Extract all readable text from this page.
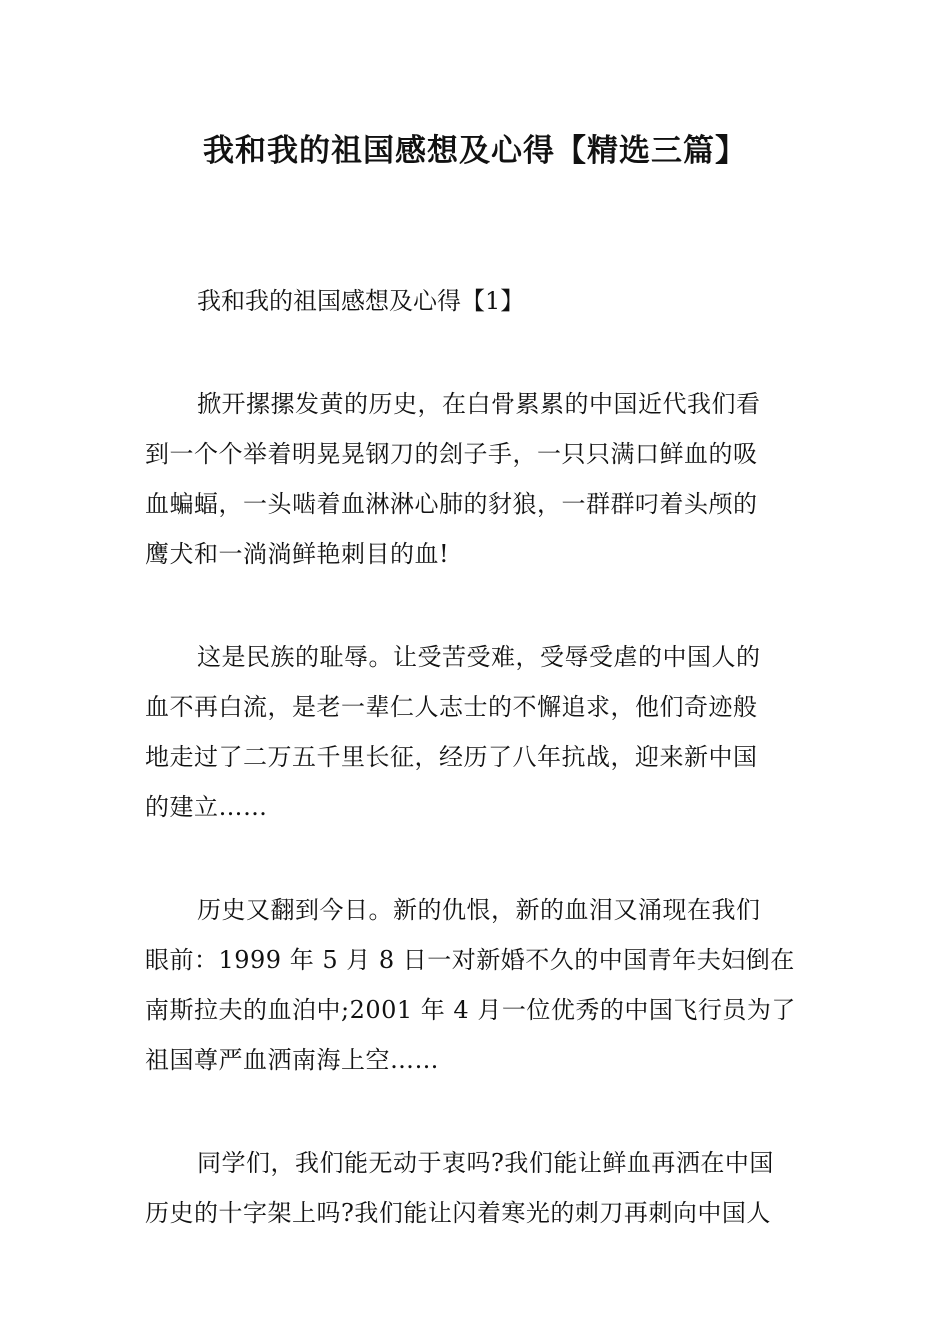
我和我的祖国感想及心得【精选三篇】

我和我的祖国感想及心得【1】

掀开摞摞发黄的历史，在白骨累累的中国近代我们看
到一个个举着明晃晃钢刀的刽子手，一只只满口鲜血的吸
血蝙蝠，一头啮着血淋淋心肺的豺狼，一群群叼着头颅的
鹰犬和一淌淌鲜艳刺目的血!
这是民族的耻辱。让受苦受难，受辱受虐的中国人的
血不再白流，是老一辈仁人志士的不懈追求，他们奇迹般
地走过了二万五千里长征，经历了八年抗战，迎来新中国
的建立……
历史又翻到今日。新的仇恨，新的血泪又涌现在我们
眼前：1999 年 5 月 8 日一对新婚不久的中国青年夫妇倒在
南斯拉夫的血泊中;2001 年 4 月一位优秀的中国飞行员为了
祖国尊严血洒南海上空……
同学们，我们能无动于衷吗?我们能让鲜血再洒在中国
历史的十字架上吗?我们能让闪着寒光的刺刀再刺向中国人
